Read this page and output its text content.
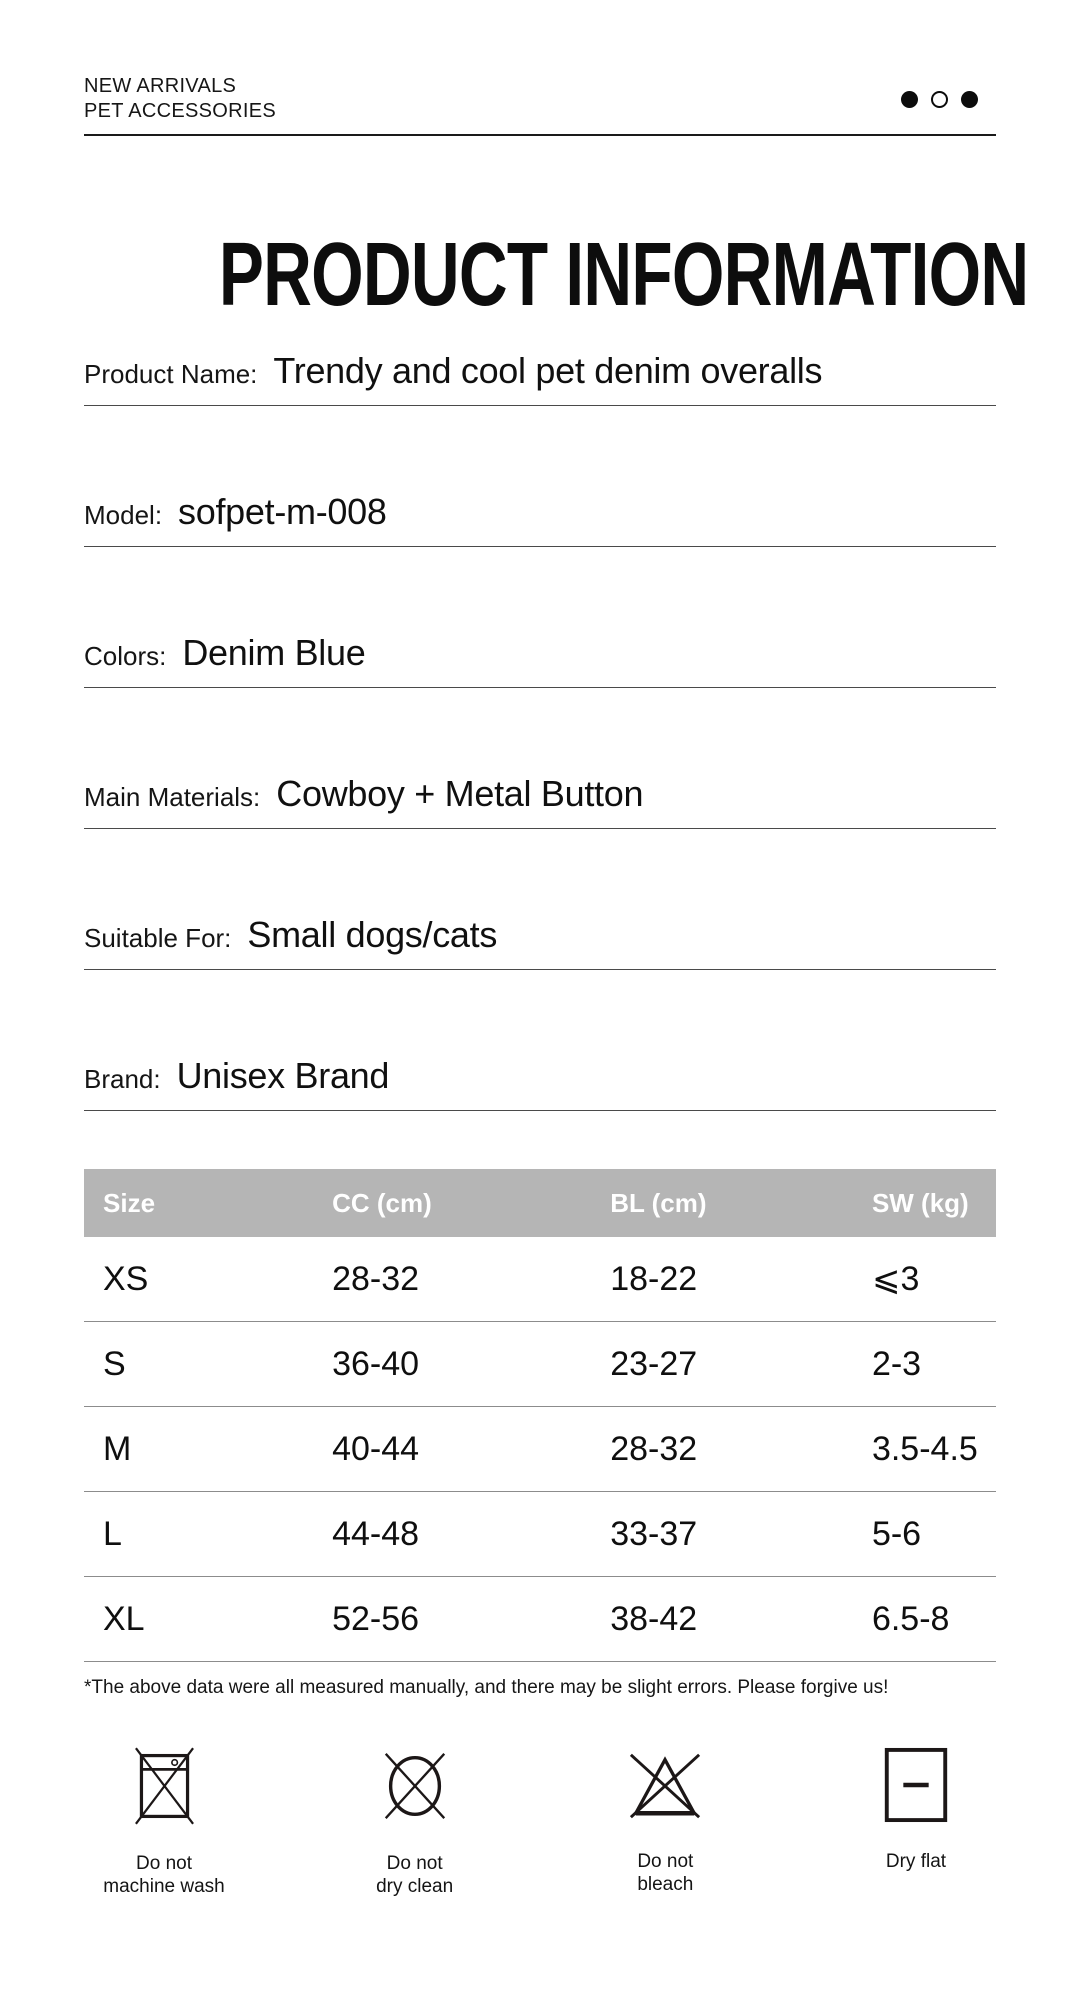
NEW ARRIVALS
PET ACCESSORIES
PRODUCT INFORMATION
Product Name: Trendy and cool pet denim overalls
Model: sofpet-m-008
Colors: Denim Blue
Main Materials: Cowboy + Metal Button
Suitable For: Small dogs/cats
Brand: Unisex Brand
Size	CC (cm)	BL (cm)	SW (kg)
XS	28-32	18-22	⩽3
S	36-40	23-27	2-3
M	40-44	28-32	3.5-4.5
L	44-48	33-37	5-6
XL	52-56	38-42	6.5-8
*The above data were all measured manually, and there may be slight errors. Please forgive us!
Do not
machine wash
Do not
dry clean
Do not
bleach
Dry flat
